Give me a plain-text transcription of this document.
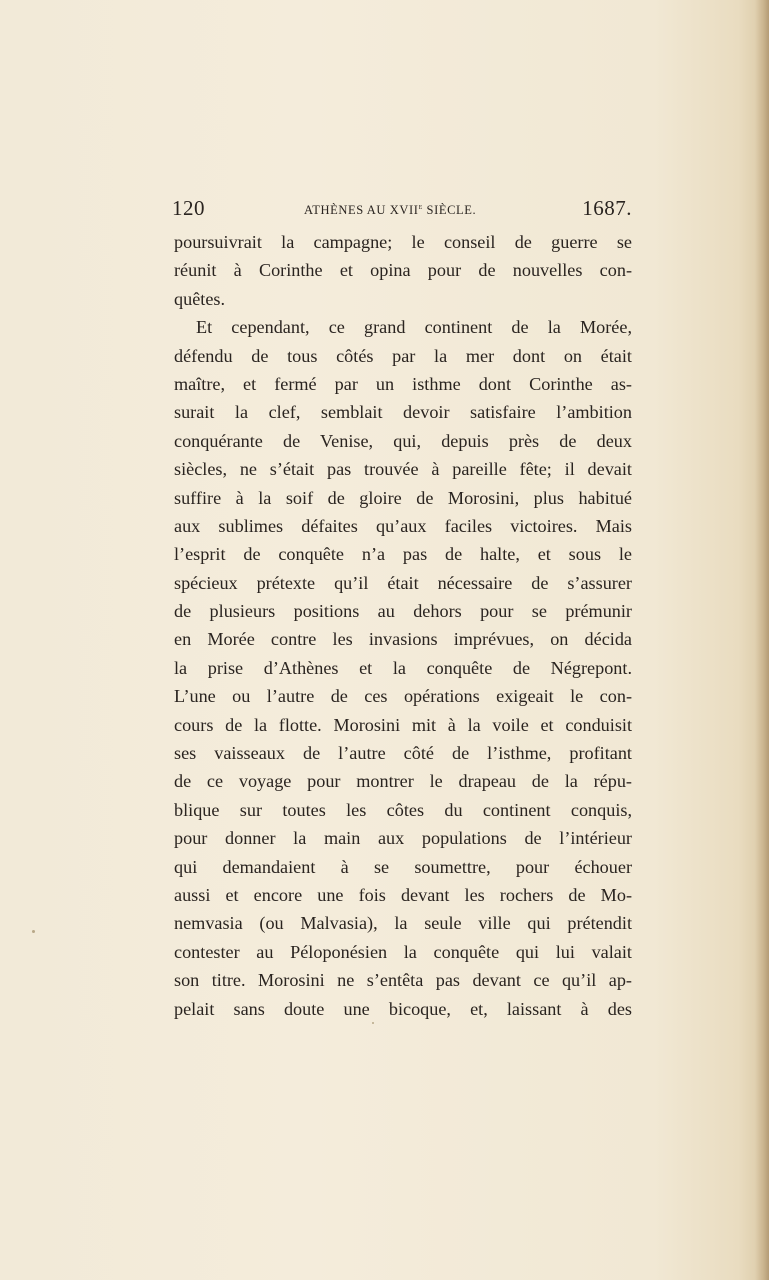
120	ATHÈNES AU XVIIe SIÈCLE.	1687.
poursuivrait la campagne; le conseil de guerre se
réunit à Corinthe et opina pour de nouvelles con-
quêtes.
Et cependant, ce grand continent de la Morée,
défendu de tous côtés par la mer dont on était
maître, et fermé par un isthme dont Corinthe as-
surait la clef, semblait devoir satisfaire l’ambition
conquérante de Venise, qui, depuis près de deux
siècles, ne s’était pas trouvée à pareille fête; il devait
suffire à la soif de gloire de Morosini, plus habitué
aux sublimes défaites qu’aux faciles victoires. Mais
l’esprit de conquête n’a pas de halte, et sous le
spécieux prétexte qu’il était nécessaire de s’assurer
de plusieurs positions au dehors pour se prémunir
en Morée contre les invasions imprévues, on décida
la prise d’Athènes et la conquête de Négrepont.
L’une ou l’autre de ces opérations exigeait le con-
cours de la flotte. Morosini mit à la voile et conduisit
ses vaisseaux de l’autre côté de l’isthme, profitant
de ce voyage pour montrer le drapeau de la répu-
blique sur toutes les côtes du continent conquis,
pour donner la main aux populations de l’intérieur
qui demandaient à se soumettre, pour échouer
aussi et encore une fois devant les rochers de Mo-
nemvasia (ou Malvasia), la seule ville qui prétendit
contester au Péloponésien la conquête qui lui valait
son titre. Morosini ne s’entêta pas devant ce qu’il ap-
pelait sans doute une bicoque, et, laissant à des
